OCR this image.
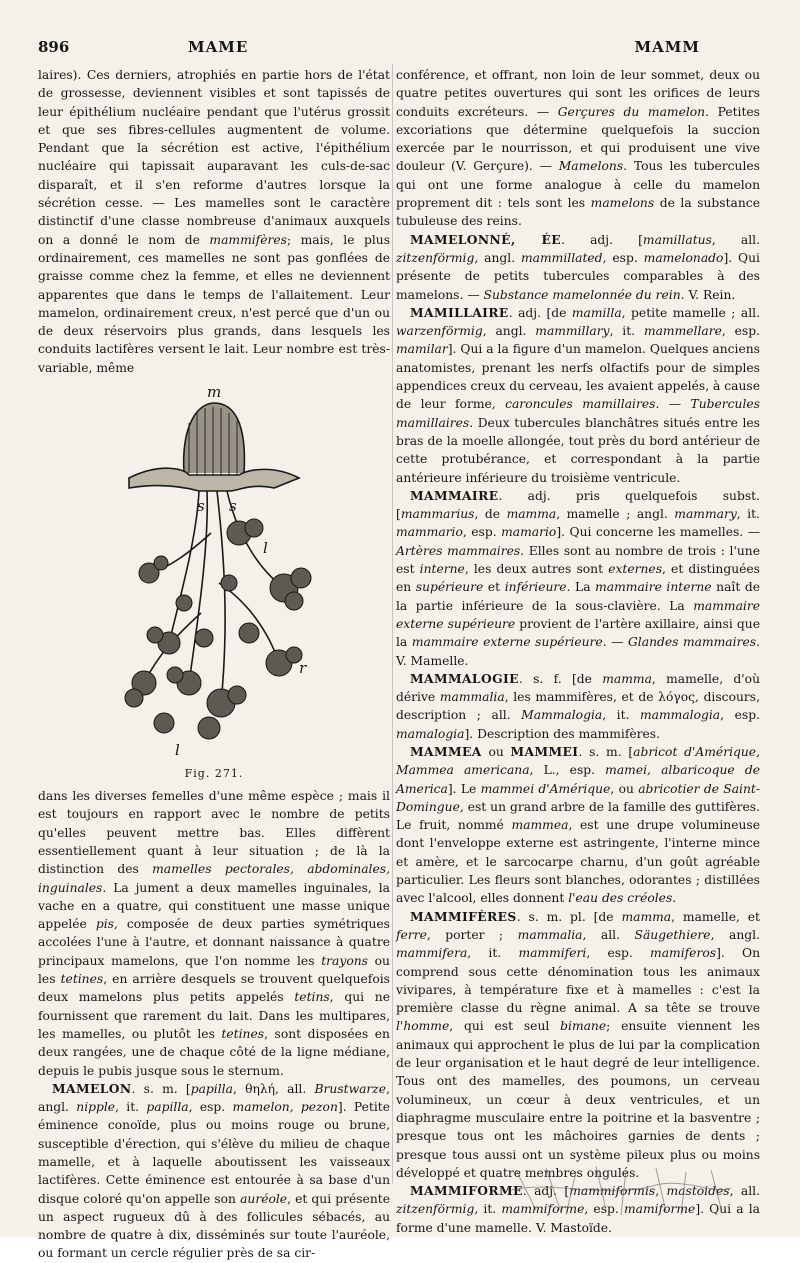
896	MAME	MAMM

laires). Ces derniers, atrophiés en partie hors de l'état de grossesse, deviennent visibles et sont tapissés de leur épithélium nucléaire pendant que l'utérus grossit et que ses fibres-cellules augmentent de volume. Pendant que la sécrétion est active, l'épithélium nucléaire qui tapissait auparavant les culs-de-sac disparaît, et il s'en reforme d'autres lorsque la sécrétion cesse. — Les mamelles sont le caractère distinctif d'une classe nombreuse d'animaux auxquels on a donné le nom de mammifères; mais, le plus ordinairement, ces mamelles ne sont pas gonflées de graisse comme chez la femme, et elles ne deviennent apparentes que dans le temps de l'allaitement. Leur mamelon, ordinairement creux, n'est percé que d'un ou de deux réservoirs plus grands, dans lesquels les conduits lactifères versent le lait. Leur nombre est très-variable, même

m
s s
l
l
r
Fig. 271.

dans les diverses femelles d'une même espèce ; mais il est toujours en rapport avec le nombre de petits qu'elles peuvent mettre bas. Elles diffèrent essentiellement quant à leur situation ; de là la distinction des mamelles pectorales, abdominales, inguinales. La jument a deux mamelles inguinales, la vache en a quatre, qui constituent une masse unique appelée pis, composée de deux parties symétriques accolées l'une à l'autre, et donnant naissance à quatre principaux mamelons, que l'on nomme les trayons ou les tetines, en arrière desquels se trouvent quelquefois deux mamelons plus petits appelés tetins, qui ne fournissent que rarement du lait. Dans les multipares, les mamelles, ou plutôt les tetines, sont disposées en deux rangées, une de chaque côté de la ligne médiane, depuis le pubis jusque sous le sternum.

MAMELON. s. m. [papilla, θηλή, all. Brustwarze, angl. nipple, it. papilla, esp. mamelon, pezon]. Petite éminence conoïde, plus ou moins rouge ou brune, susceptible d'érection, qui s'élève du milieu de chaque mamelle, et à laquelle aboutissent les vaisseaux lactifères. Cette éminence est entourée à sa base d'un disque coloré qu'on appelle son auréole, et qui présente un aspect rugueux dû à des follicules sébacés, au nombre de quatre à dix, disséminés sur toute l'auréole, ou formant un cercle régulier près de sa cir-

conférence, et offrant, non loin de leur sommet, deux ou quatre petites ouvertures qui sont les orifices de leurs conduits excréteurs. — Gerçures du mamelon. Petites excoriations que détermine quelquefois la succion exercée par le nourrisson, et qui produisent une vive douleur (V. Gerçure). — Mamelons. Tous les tubercules qui ont une forme analogue à celle du mamelon proprement dit : tels sont les mamelons de la substance tubuleuse des reins.

MAMELONNÉ, ÉE. adj. [mamillatus, all. zitzenförmig, angl. mammillated, esp. mamelonado]. Qui présente de petits tubercules comparables à des mamelons. — Substance mamelonnée du rein. V. Rein.

MAMILLAIRE. adj. [de mamilla, petite mamelle ; all. warzenförmig, angl. mammillary, it. mammellare, esp. mamilar]. Qui a la figure d'un mamelon. Quelques anciens anatomistes, prenant les nerfs olfactifs pour de simples appendices creux du cerveau, les avaient appelés, à cause de leur forme, caroncules mamillaires. — Tubercules mamillaires. Deux tubercules blanchâtres situés entre les bras de la moelle allongée, tout près du bord antérieur de cette protubérance, et correspondant à la partie antérieure inférieure du troisième ventricule.

MAMMAIRE. adj. pris quelquefois subst. [mammarius, de mamma, mamelle ; angl. mammary, it. mammario, esp. mamario]. Qui concerne les mamelles. — Artères mammaires. Elles sont au nombre de trois : l'une est interne, les deux autres sont externes, et distinguées en supérieure et inférieure. La mammaire interne naît de la partie inférieure de la sous-clavière. La mammaire externe supérieure provient de l'artère axillaire, ainsi que la mammaire externe supérieure. — Glandes mammaires. V. Mamelle.

MAMMALOGIE. s. f. [de mamma, mamelle, d'où dérive mammalia, les mammifères, et de λόγος, discours, description ; all. Mammalogia, it. mammalogia, esp. mamalogia]. Description des mammifères.

MAMMEA ou MAMMEI. s. m. [abricot d'Amérique, Mammea americana, L., esp. mamei, albaricoque de America]. Le mammei d'Amérique, ou abricotier de Saint-Domingue, est un grand arbre de la famille des guttifères. Le fruit, nommé mammea, est une drupe volumineuse dont l'enveloppe externe est astringente, l'interne mince et amère, et le sarcocarpe charnu, d'un goût agréable particulier. Les fleurs sont blanches, odorantes ; distillées avec l'alcool, elles donnent l'eau des créoles.

MAMMIFÈRES. s. m. pl. [de mamma, mamelle, et ferre, porter ; mammalia, all. Säugethiere, angl. mammifera, it. mammiferi, esp. mamiferos]. On comprend sous cette dénomination tous les animaux vivipares, à température fixe et à mamelles : c'est la première classe du règne animal. A sa tête se trouve l'homme, qui est seul bimane; ensuite viennent les animaux qui approchent le plus de lui par la complication de leur organisation et le haut degré de leur intelligence. Tous ont des mamelles, des poumons, un cerveau volumineux, un cœur à deux ventricules, et un diaphragme musculaire entre la poitrine et la basventre ; presque tous ont les mâchoires garnies de dents ; presque tous aussi ont un système pileux plus ou moins développé et quatre membres ongulés.

MAMMIFORME. adj. [mammiformis, mastoides, all. zitzenförmig, it. mammiforme, esp. mamiforme]. Qui a la forme d'une mamelle. V. Mastoïde.
